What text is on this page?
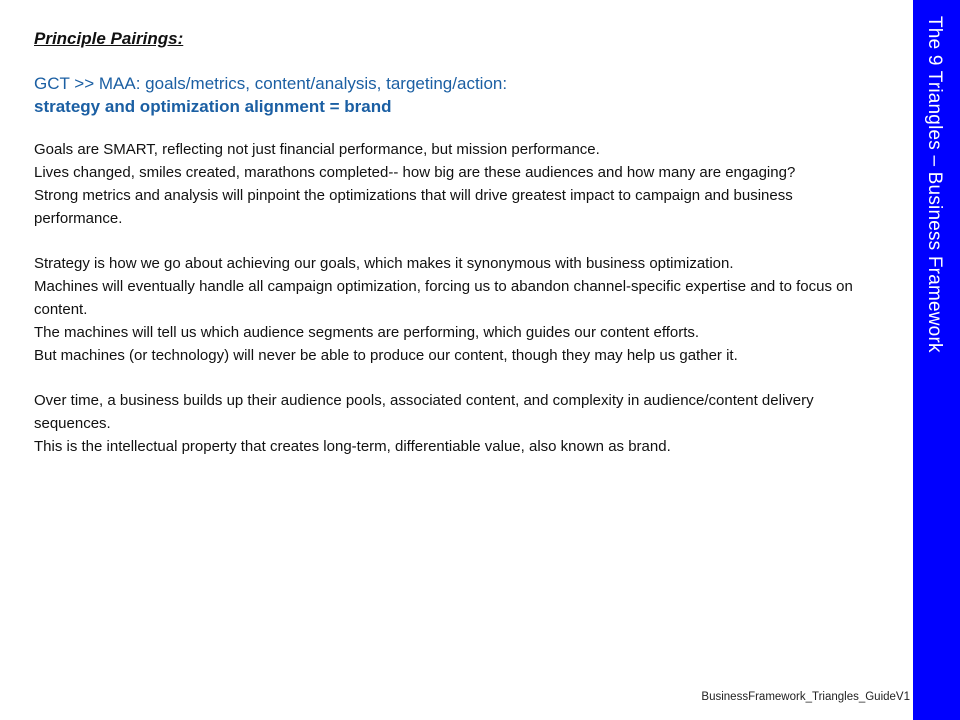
Principle Pairings:
GCT >> MAA: goals/metrics, content/analysis, targeting/action:
strategy and optimization alignment = brand

Goals are SMART, reflecting not just financial performance, but mission performance.

Lives changed, smiles created, marathons completed-- how big are these audiences and how many are engaging?

Strong metrics and analysis will pinpoint the optimizations that will drive greatest impact to campaign and business performance.

Strategy is how we go about achieving our goals, which makes it synonymous with business optimization.

Machines will eventually handle all campaign optimization, forcing us to abandon channel-specific expertise and to focus on content.

The machines will tell us which audience segments are performing, which guides our content efforts.

But machines (or technology) will never be able to produce our content, though they may help us gather it.

Over time, a business builds up their audience pools, associated content, and complexity in audience/content delivery sequences.

This is the intellectual property that creates long-term, differentiable value, also known as brand.

BusinessFramework_Triangles_GuideV1
The 9 Triangles – Business Framework
